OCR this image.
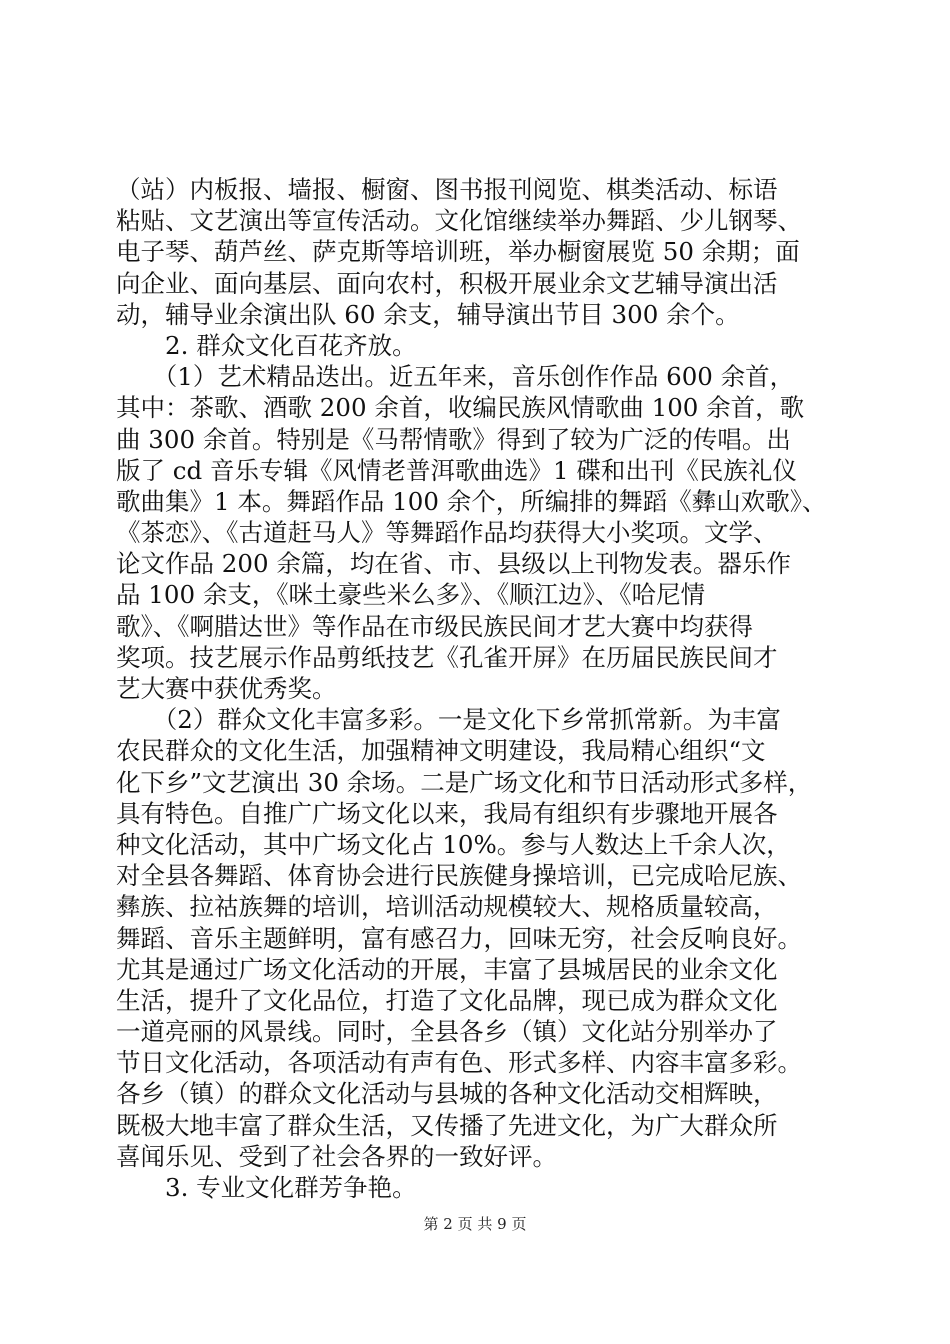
（站）内板报、墙报、橱窗、图书报刊阅览、棋类活动、标语
粘贴、文艺演出等宣传活动。文化馆继续举办舞蹈、少儿钢琴、
电子琴、葫芦丝、萨克斯等培训班，举办橱窗展览 50 余期；面
向企业、面向基层、面向农村，积极开展业余文艺辅导演出活
动，辅导业余演出队 60 余支，辅导演出节目 300 余个。
　　2. 群众文化百花齐放。
　　（1）艺术精品迭出。近五年来，音乐创作作品 600 余首，
其中：茶歌、酒歌 200 余首，收编民族风情歌曲 100 余首，歌
曲 300 余首。特别是《马帮情歌》得到了较为广泛的传唱。出
版了 cd 音乐专辑《风情老普洱歌曲选》1 碟和出刊《民族礼仪
歌曲集》1 本。舞蹈作品 100 余个，所编排的舞蹈《彝山欢歌》、
《茶恋》、《古道赶马人》等舞蹈作品均获得大小奖项。文学、
论文作品 200 余篇，均在省、市、县级以上刊物发表。器乐作
品 100 余支，《咪土豪些米么多》、《顺江边》、《哈尼情
歌》、《啊腊达世》等作品在市级民族民间才艺大赛中均获得
奖项。技艺展示作品剪纸技艺《孔雀开屏》在历届民族民间才
艺大赛中获优秀奖。
　　（2）群众文化丰富多彩。一是文化下乡常抓常新。为丰富
农民群众的文化生活，加强精神文明建设，我局精心组织“文
化下乡”文艺演出 30 余场。二是广场文化和节日活动形式多样，
具有特色。自推广广场文化以来，我局有组织有步骤地开展各
种文化活动，其中广场文化占 10%。参与人数达上千余人次，
对全县各舞蹈、体育协会进行民族健身操培训，已完成哈尼族、
彝族、拉祜族舞的培训，培训活动规模较大、规格质量较高，
舞蹈、音乐主题鲜明，富有感召力，回味无穷，社会反响良好。
尤其是通过广场文化活动的开展，丰富了县城居民的业余文化
生活，提升了文化品位，打造了文化品牌，现已成为群众文化
一道亮丽的风景线。同时，全县各乡（镇）文化站分别举办了
节日文化活动，各项活动有声有色、形式多样、内容丰富多彩。
各乡（镇）的群众文化活动与县城的各种文化活动交相辉映，
既极大地丰富了群众生活，又传播了先进文化，为广大群众所
喜闻乐见、受到了社会各界的一致好评。
　　3. 专业文化群芳争艳。
第 2 页 共 9 页
